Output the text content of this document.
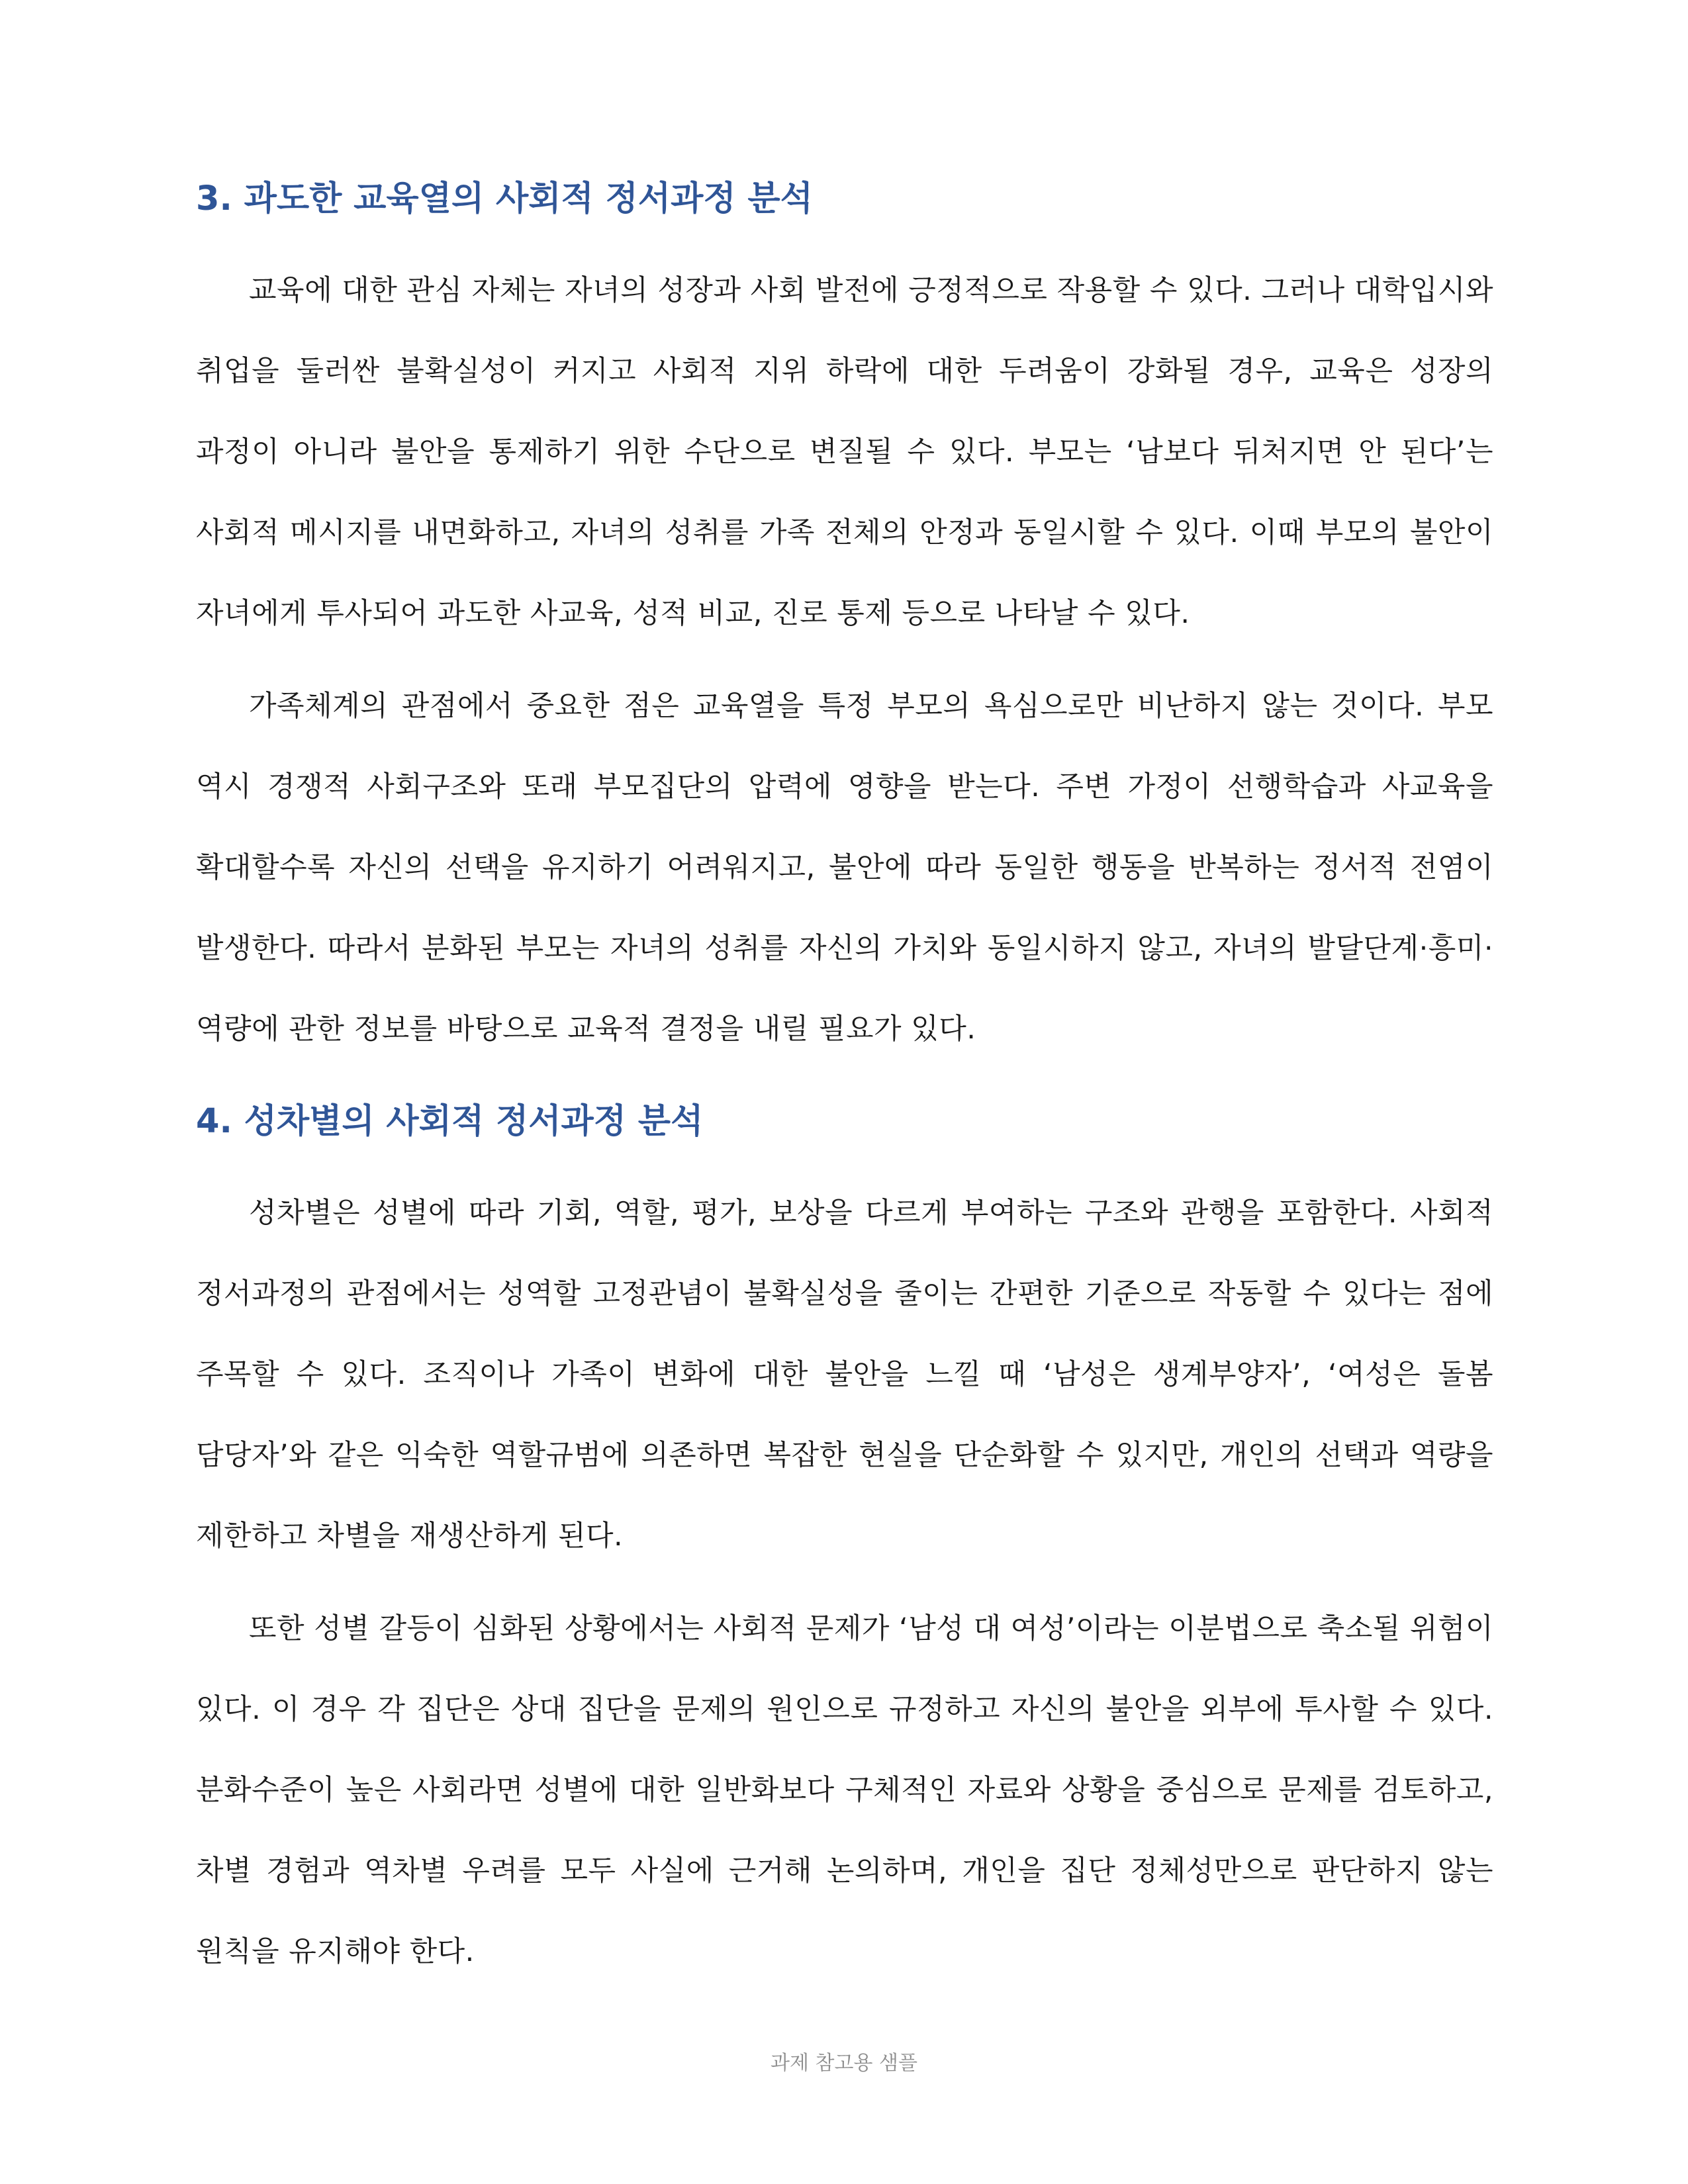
3. 과도한 교육열의 사회적 정서과정 분석

교육에 대한 관심 자체는 자녀의 성장과 사회 발전에 긍정적으로 작용할 수 있다. 그러나 대학입시와 취업을 둘러싼 불확실성이 커지고 사회적 지위 하락에 대한 두려움이 강화될 경우, 교육은 성장의 과정이 아니라 불안을 통제하기 위한 수단으로 변질될 수 있다. 부모는 ‘남보다 뒤처지면 안 된다’는 사회적 메시지를 내면화하고, 자녀의 성취를 가족 전체의 안정과 동일시할 수 있다. 이때 부모의 불안이 자녀에게 투사되어 과도한 사교육, 성적 비교, 진로 통제 등으로 나타날 수 있다.

가족체계의 관점에서 중요한 점은 교육열을 특정 부모의 욕심으로만 비난하지 않는 것이다. 부모 역시 경쟁적 사회구조와 또래 부모집단의 압력에 영향을 받는다. 주변 가정이 선행학습과 사교육을 확대할수록 자신의 선택을 유지하기 어려워지고, 불안에 따라 동일한 행동을 반복하는 정서적 전염이 발생한다. 따라서 분화된 부모는 자녀의 성취를 자신의 가치와 동일시하지 않고, 자녀의 발달단계·흥미·역량에 관한 정보를 바탕으로 교육적 결정을 내릴 필요가 있다.

4. 성차별의 사회적 정서과정 분석

성차별은 성별에 따라 기회, 역할, 평가, 보상을 다르게 부여하는 구조와 관행을 포함한다. 사회적 정서과정의 관점에서는 성역할 고정관념이 불확실성을 줄이는 간편한 기준으로 작동할 수 있다는 점에 주목할 수 있다. 조직이나 가족이 변화에 대한 불안을 느낄 때 ‘남성은 생계부양자’, ‘여성은 돌봄 담당자’와 같은 익숙한 역할규범에 의존하면 복잡한 현실을 단순화할 수 있지만, 개인의 선택과 역량을 제한하고 차별을 재생산하게 된다.

또한 성별 갈등이 심화된 상황에서는 사회적 문제가 ‘남성 대 여성’이라는 이분법으로 축소될 위험이 있다. 이 경우 각 집단은 상대 집단을 문제의 원인으로 규정하고 자신의 불안을 외부에 투사할 수 있다. 분화수준이 높은 사회라면 성별에 대한 일반화보다 구체적인 자료와 상황을 중심으로 문제를 검토하고, 차별 경험과 역차별 우려를 모두 사실에 근거해 논의하며, 개인을 집단 정체성만으로 판단하지 않는 원칙을 유지해야 한다.

과제 참고용 샘플
